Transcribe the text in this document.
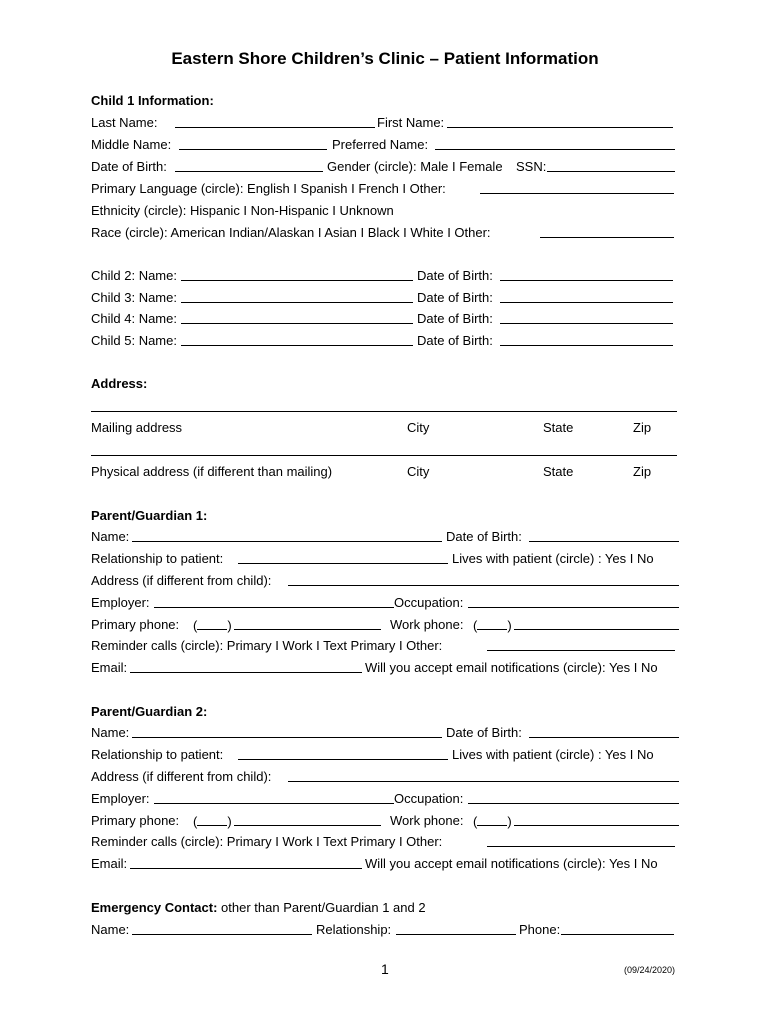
Eastern Shore Children’s Clinic – Patient Information
Child 1 Information:
Last Name:	First Name:
Middle Name:	Preferred Name:
Date of Birth:	Gender (circle): Male I Female SSN:
Primary Language (circle): English I Spanish I French I Other:
Ethnicity (circle): Hispanic I Non-Hispanic I Unknown
Race (circle): American Indian/Alaskan I Asian I Black I White I Other:
Child 2: Name:	Date of Birth:
Child 3: Name:	Date of Birth:
Child 4: Name:	Date of Birth:
Child 5: Name:	Date of Birth:
Address:
Mailing address	City	State	Zip
Physical address (if different than mailing)	City	State	Zip
Parent/Guardian 1:
Name:	Date of Birth:
Relationship to patient:	Lives with patient (circle) : Yes I No
Address (if different from child):
Employer:	Occupation:
Primary phone: ( )	Work phone: ( )
Reminder calls (circle): Primary I Work I Text Primary I Other:
Email:	Will you accept email notifications (circle): Yes I No
Parent/Guardian 2:
Name:	Date of Birth:
Relationship to patient:	Lives with patient (circle) : Yes I No
Address (if different from child):
Employer:	Occupation:
Primary phone: ( )	Work phone: ( )
Reminder calls (circle): Primary I Work I Text Primary I Other:
Email:	Will you accept email notifications (circle): Yes I No
Emergency Contact: other than Parent/Guardian 1 and 2
Name:	Relationship:	Phone:
1	(09/24/2020)
